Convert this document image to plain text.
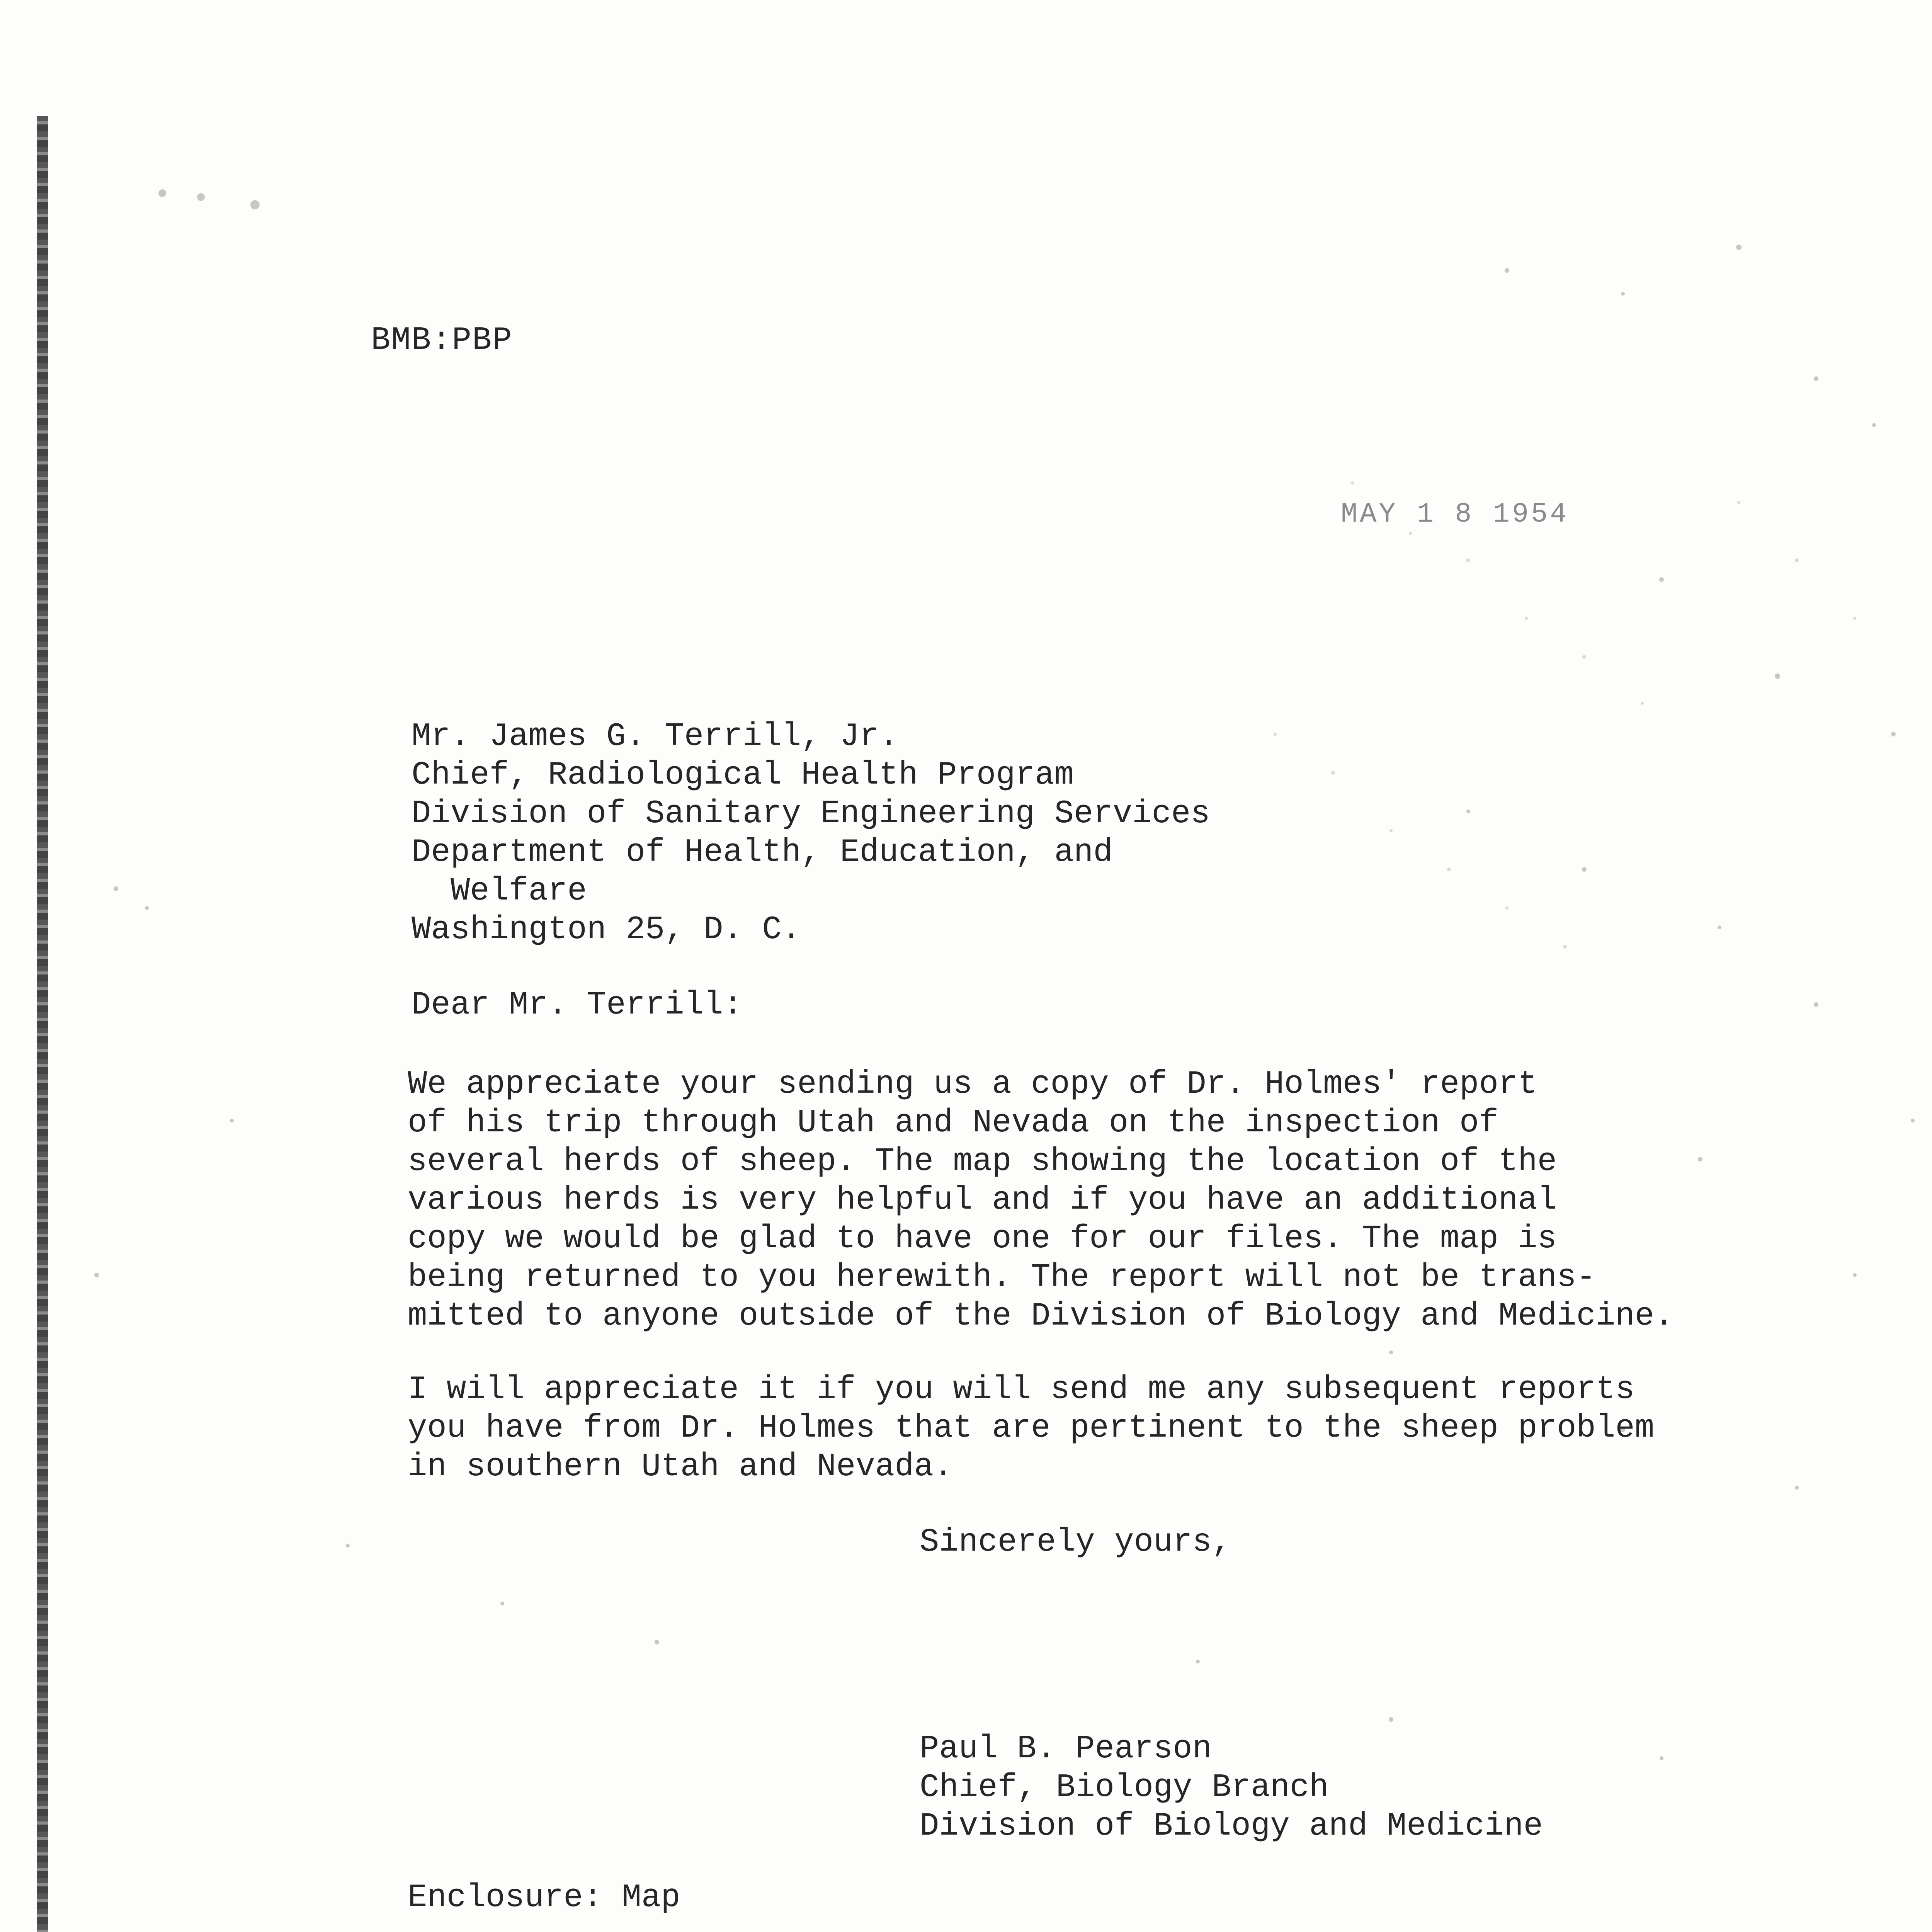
BMB:PBP
MAY 1 8 1954
Mr. James G. Terrill, Jr.
Chief, Radiological Health Program
Division of Sanitary Engineering Services
Department of Health, Education, and
Welfare
Washington 25, D. C.
Dear Mr. Terrill:
We appreciate your sending us a copy of Dr. Holmes' report
of his trip through Utah and Nevada on the inspection of
several herds of sheep. The map showing the location of the
various herds is very helpful and if you have an additional
copy we would be glad to have one for our files. The map is
being returned to you herewith. The report will not be trans-
mitted to anyone outside of the Division of Biology and Medicine.
I will appreciate it if you will send me any subsequent reports
you have from Dr. Holmes that are pertinent to the sheep problem
in southern Utah and Nevada.
Sincerely yours,
Paul B. Pearson
Chief, Biology Branch
Division of Biology and Medicine
Enclosure: Map
